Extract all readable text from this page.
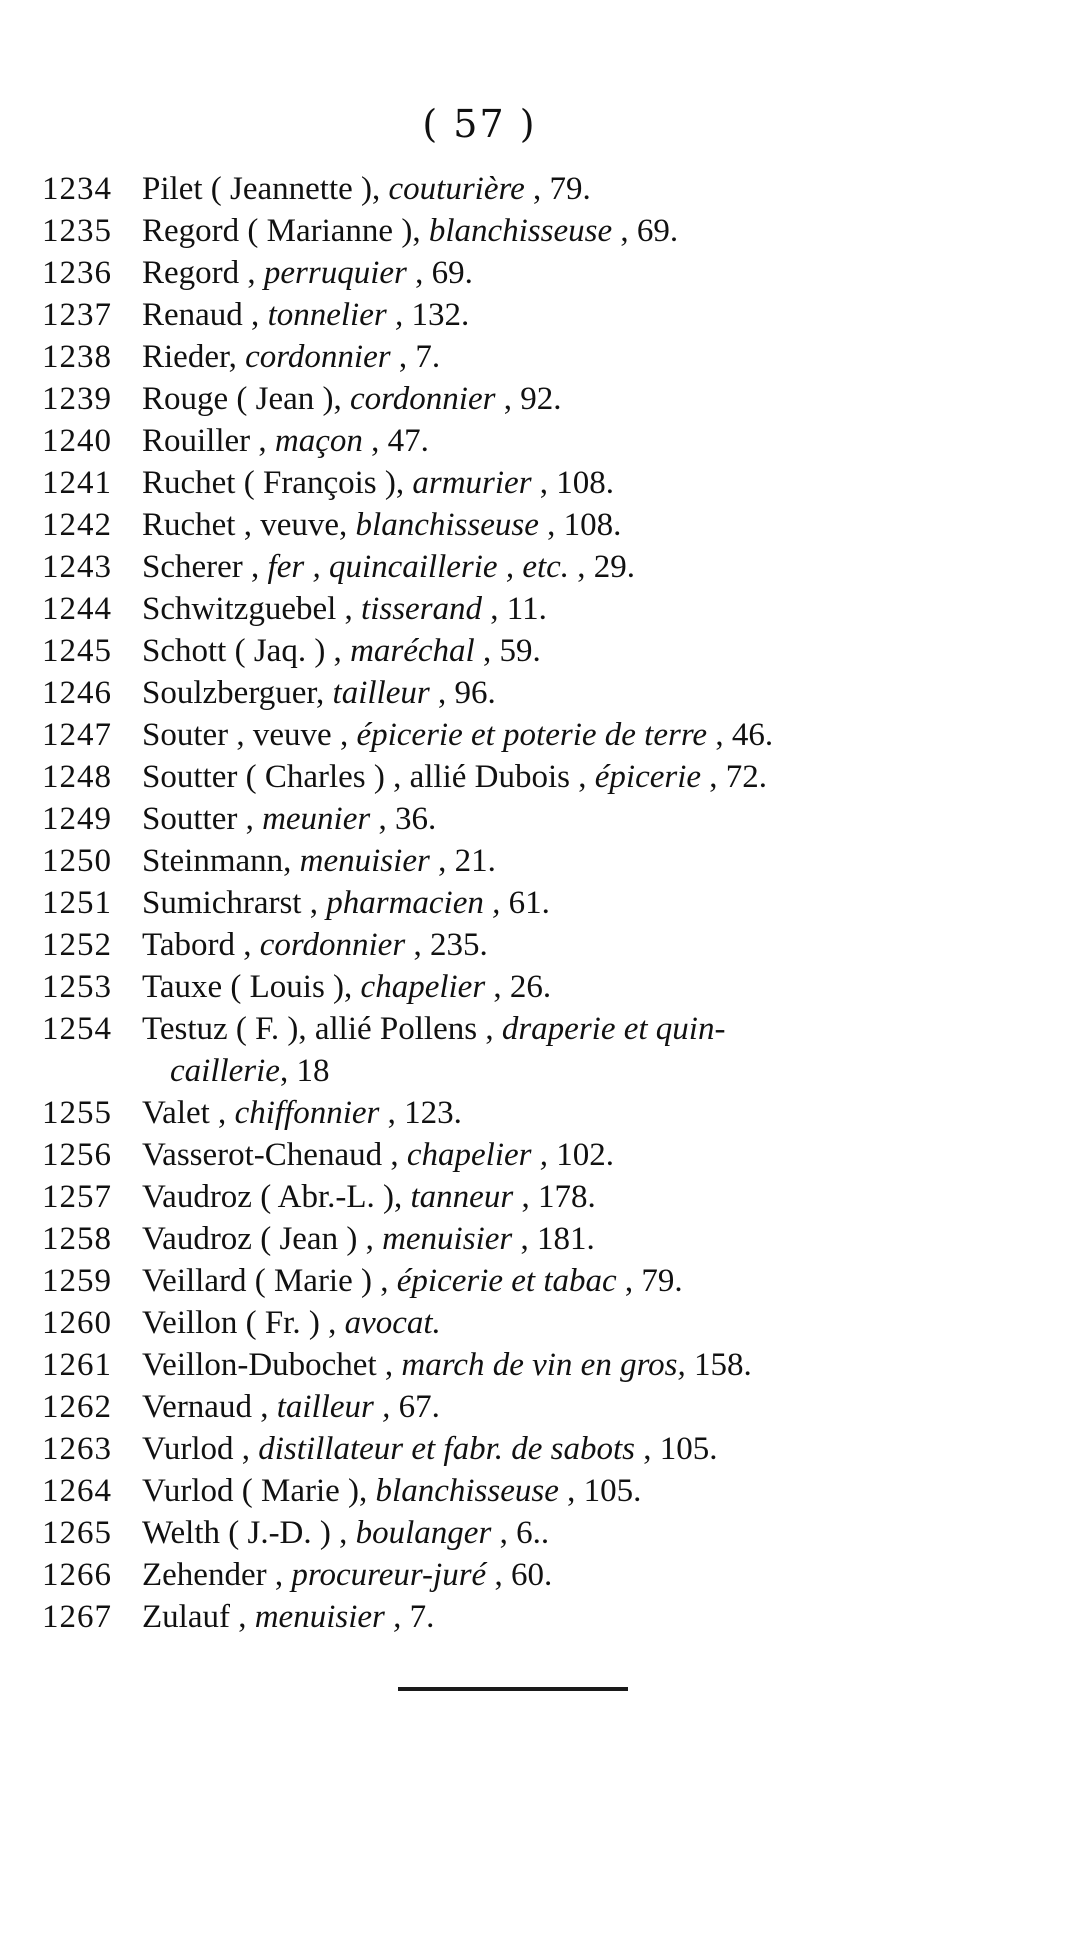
( 57 )
1234 Pilet ( Jeannette ), couturière , 79.
1235 Regord ( Marianne ), blanchisseuse , 69.
1236 Regord , perruquier , 69.
1237 Renaud , tonnelier , 132.
1238 Rieder, cordonnier , 7.
1239 Rouge ( Jean ), cordonnier , 92.
1240 Rouiller , maçon , 47.
1241 Ruchet ( François ), armurier , 108.
1242 Ruchet , veuve, blanchisseuse , 108.
1243 Scherer , fer , quincaillerie , etc. , 29.
1244 Schwitzguebel , tisserand , 11.
1245 Schott ( Jaq. ) , maréchal , 59.
1246 Soulzberguer, tailleur , 96.
1247 Souter , veuve , épicerie et poterie de terre , 46.
1248 Soutter ( Charles ) , allié Dubois , épicerie , 72.
1249 Soutter , meunier , 36.
1250 Steinmann, menuisier , 21.
1251 Sumichrarst , pharmacien , 61.
1252 Tabord , cordonnier , 235.
1253 Tauxe ( Louis ), chapelier , 26.
1254 Testuz ( F. ), allié Pollens , draperie et quin-
caillerie, 18
1255 Valet , chiffonnier , 123.
1256 Vasserot-Chenaud , chapelier , 102.
1257 Vaudroz ( Abr.-L. ), tanneur , 178.
1258 Vaudroz ( Jean ) , menuisier , 181.
1259 Veillard ( Marie ) , épicerie et tabac , 79.
1260 Veillon ( Fr. ) , avocat.
1261 Veillon-Dubochet , march de vin en gros, 158.
1262 Vernaud , tailleur , 67.
1263 Vurlod , distillateur et fabr. de sabots , 105.
1264 Vurlod ( Marie ), blanchisseuse , 105.
1265 Welth ( J.-D. ) , boulanger , 6..
1266 Zehender , procureur-juré , 60.
1267 Zulauf , menuisier , 7.
